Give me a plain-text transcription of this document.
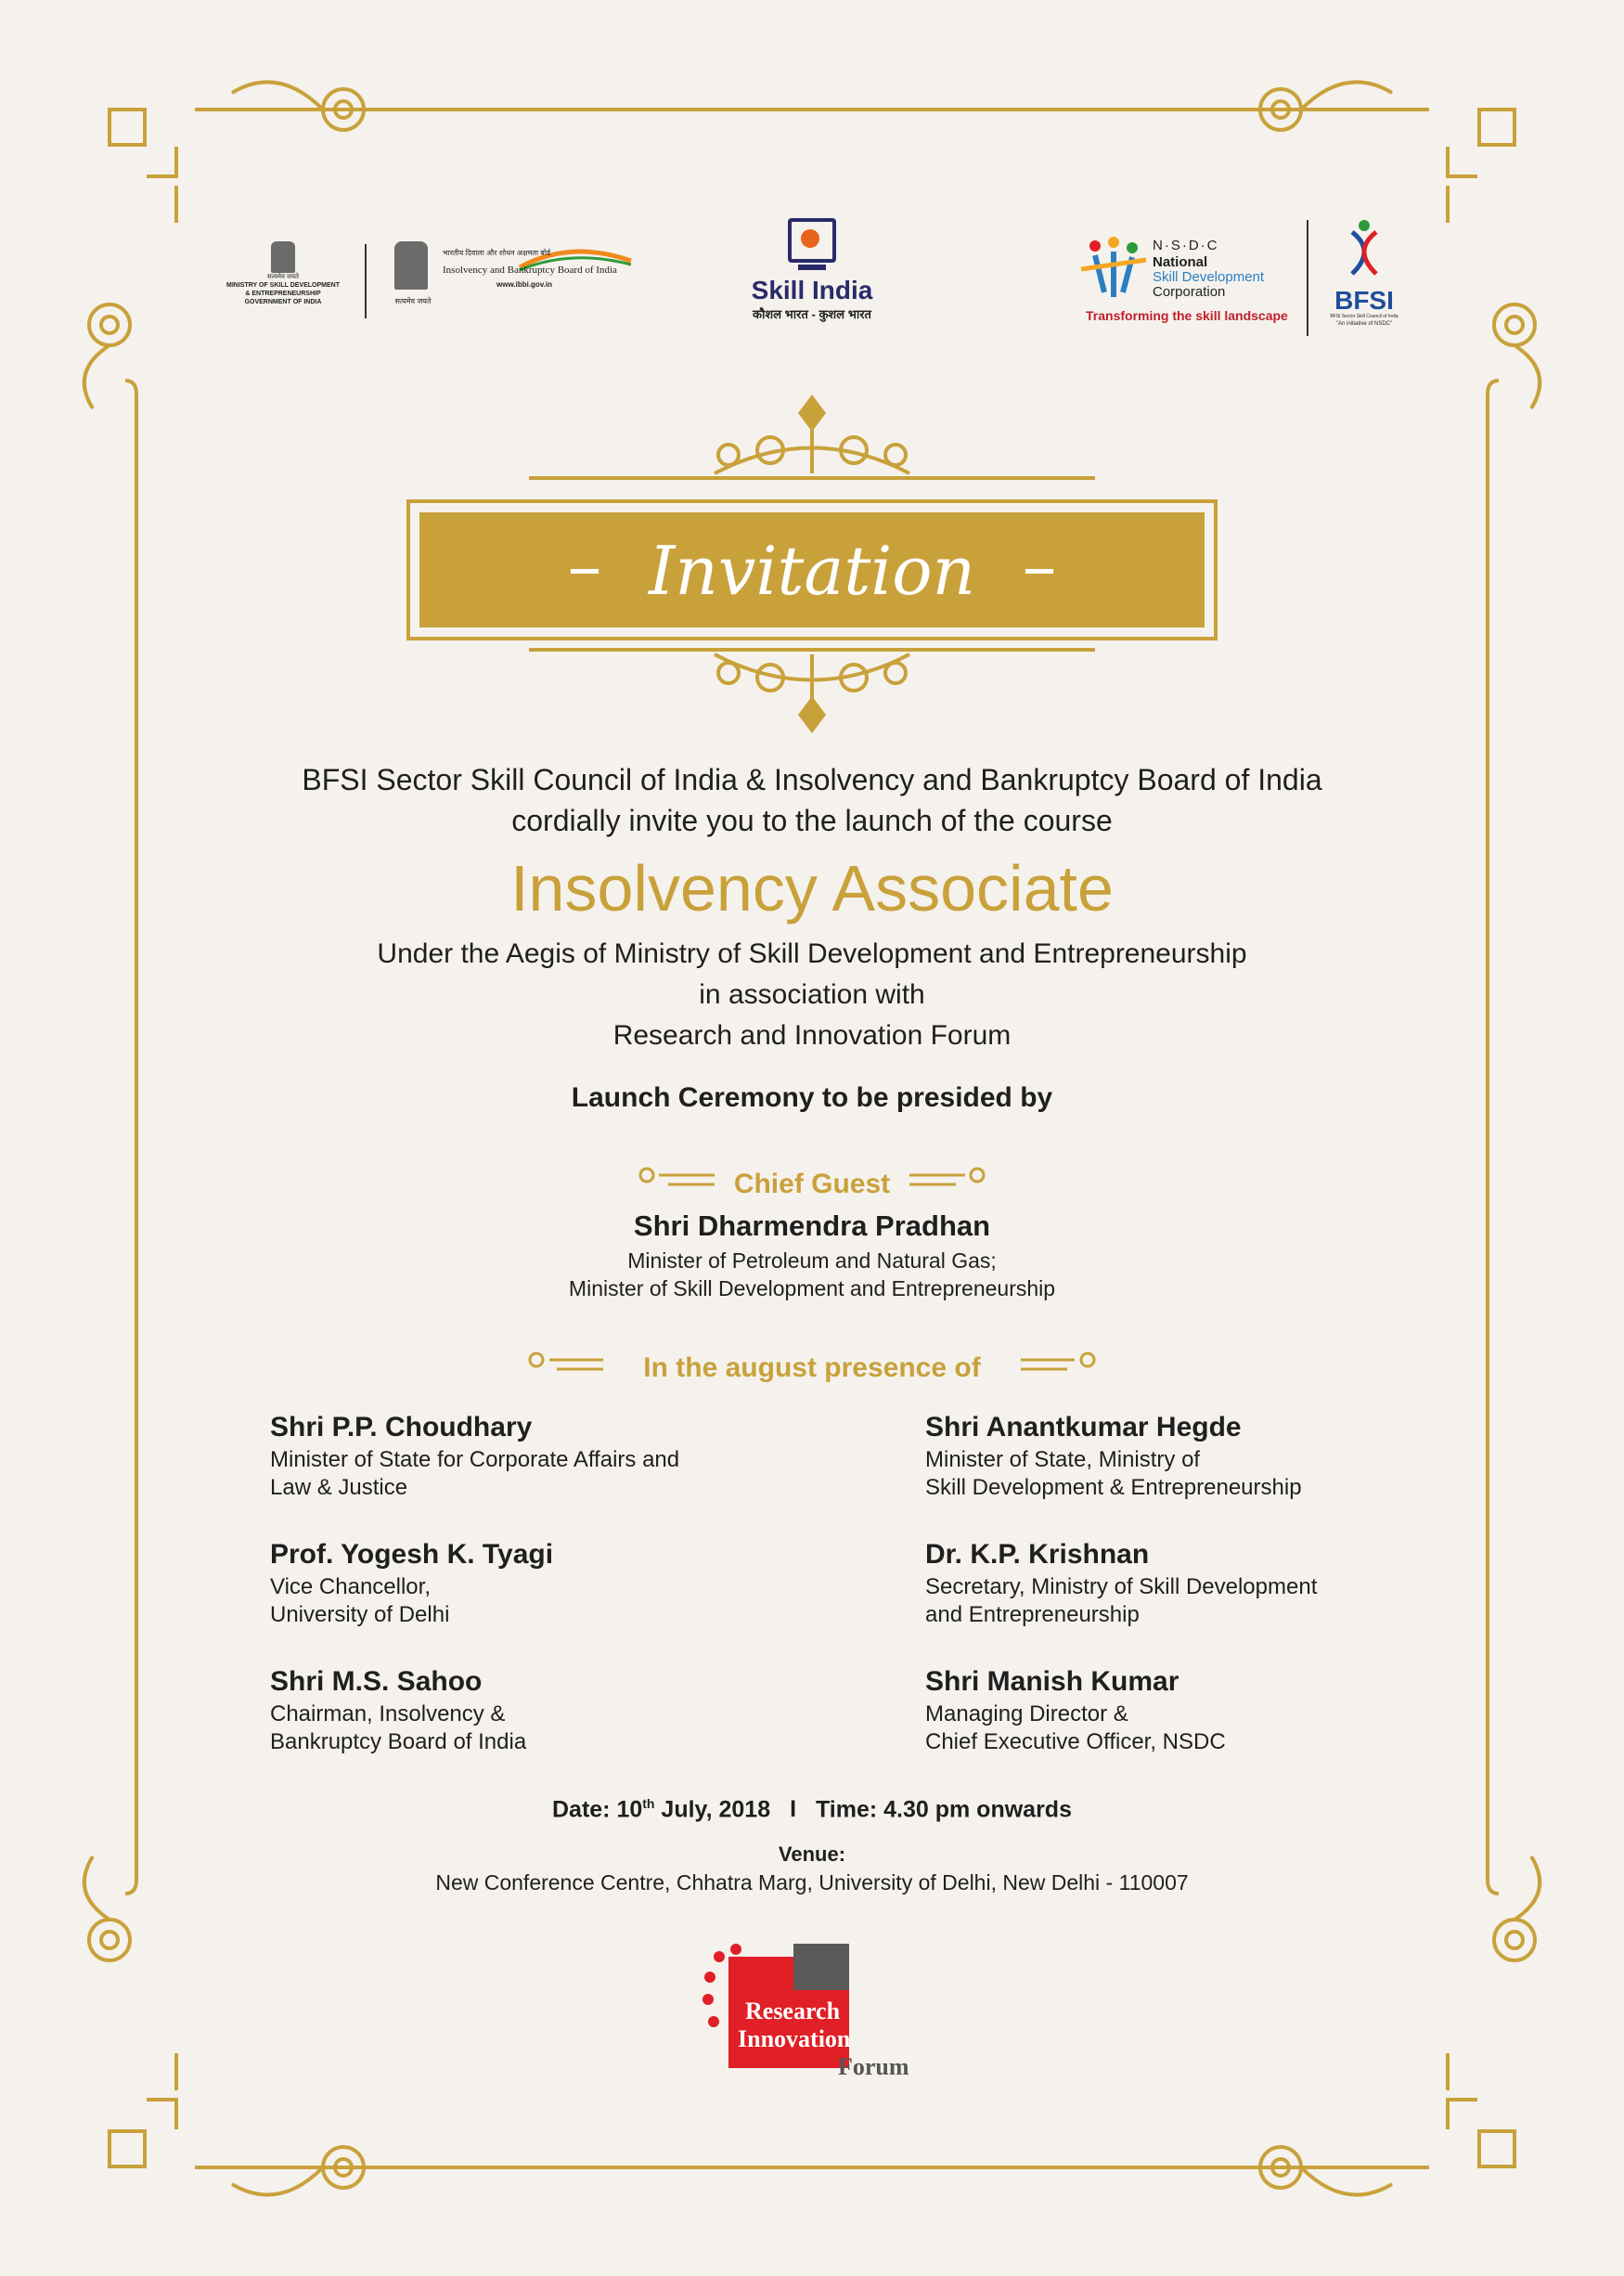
सत्यमेव जयते
MINISTRY OF SKILL DEVELOPMENT
& ENTREPRENEURSHIP
GOVERNMENT OF INDIA	सत्यमेव जयते
भारतीय दिवाला और शोधन अक्षमता बोर्ड
Insolvency and Bankruptcy Board of India
www.ibbi.gov.in	Skill India
कौशल भारत - कुशल भारत
N·S·D·C
National
Skill Development
Corporation
Transforming the skill landscape
BFSI
BFSI Sector Skill Council of India
"An initiative of NSDC"
Invitation
BFSI Sector Skill Council of India & Insolvency and Bankruptcy Board of India
cordially invite you to the launch of the course
Insolvency Associate
Under the Aegis of Ministry of Skill Development and Entrepreneurship
in association with
Research and Innovation Forum
Launch Ceremony to be presided by
Chief Guest
Shri Dharmendra Pradhan
Minister of Petroleum and Natural Gas;
Minister of Skill Development and Entrepreneurship
In the august presence of

Shri P.P. Choudhary

Minister of State for Corporate Affairs and

Law & Justice

Prof. Yogesh K. Tyagi

Vice Chancellor,

University of Delhi

Shri M.S. Sahoo

Chairman, Insolvency &

Bankruptcy Board of India

Shri Anantkumar Hegde

Minister of State, Ministry of

Skill Development & Entrepreneurship

Dr. K.P. Krishnan

Secretary, Ministry of Skill Development

and Entrepreneurship

Shri Manish Kumar

Managing Director &

Chief Executive Officer, NSDC

Date: 10th July, 2018 I Time: 4.30 pm onwards
Venue:
New Conference Centre, Chhatra Marg, University of Delhi, New Delhi - 110007
Research
Innovation
Forum
